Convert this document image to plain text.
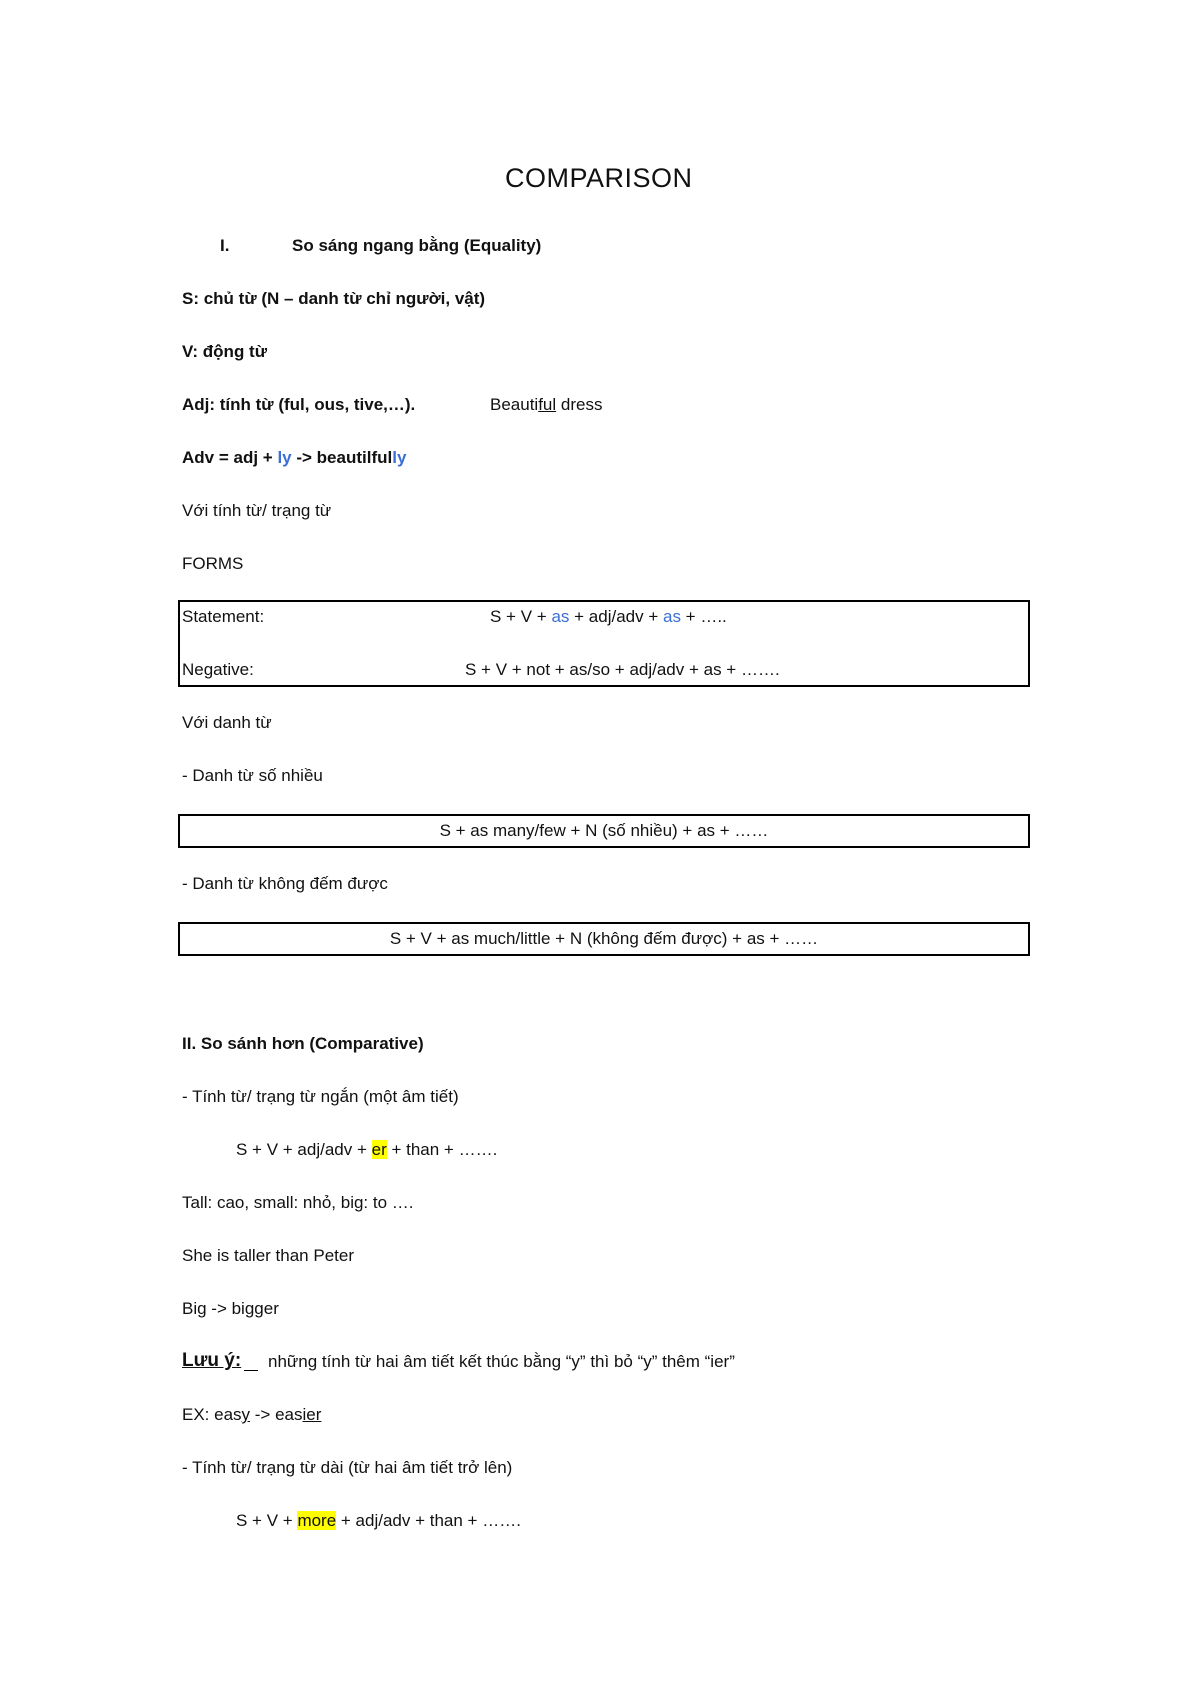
COMPARISON
I.	So sáng ngang bằng (Equality)
S: chủ từ (N – danh từ chỉ người, vật)
V: động từ
Adj: tính từ (ful, ous, tive,…).	Beautiful dress
Adv = adj + ly -> beautilfully
Với tính từ/ trạng từ
FORMS
Statement:	S + V + as + adj/adv + as + …..
Negative:	S + V + not + as/so + adj/adv + as + …….
Với danh từ
- Danh từ số nhiều
S + as many/few + N (số nhiều) + as + ……
- Danh từ không đếm được
S + V + as much/little + N (không đếm được) + as + ……
II. So sánh hơn (Comparative)
- Tính từ/ trạng từ ngắn (một âm tiết)
S + V + adj/adv + er + than + …….
Tall: cao, small: nhỏ, big: to ….
She is taller than Peter
Big -> bigger
Lưu ý: những tính từ hai âm tiết kết thúc bằng “y” thì bỏ “y” thêm “ier”
EX: easy -> easier
- Tính từ/ trạng từ dài (từ hai âm tiết trở lên)
S + V + more + adj/adv + than + …….
